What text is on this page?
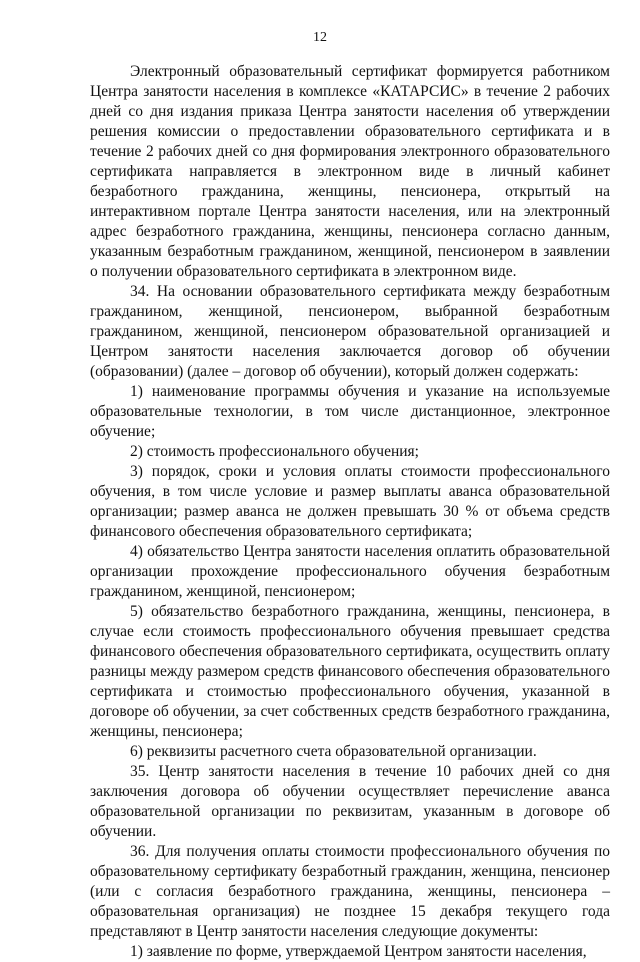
12

Электронный образовательный сертификат формируется работником Центра занятости населения в комплексе «КАТАРСИС» в течение 2 рабочих дней со дня издания приказа Центра занятости населения об утверждении решения комиссии о предоставлении образовательного сертификата и в течение 2 рабочих дней со дня формирования электронного образовательного сертификата направляется в электронном виде в личный кабинет безработного гражданина, женщины, пенсионера, открытый на интерактивном портале Центра занятости населения, или на электронный адрес безработного гражданина, женщины, пенсионера согласно данным, указанным безработным гражданином, женщиной, пенсионером в заявлении о получении образовательного сертификата в электронном виде.

34. На основании образовательного сертификата между безработным гражданином, женщиной, пенсионером, выбранной безработным гражданином, женщиной, пенсионером образовательной организацией и Центром занятости населения заключается договор об обучении (образовании) (далее – договор об обучении), который должен содержать:

1) наименование программы обучения и указание на используемые образовательные технологии, в том числе дистанционное, электронное обучение;

2) стоимость профессионального обучения;

3) порядок, сроки и условия оплаты стоимости профессионального обучения, в том числе условие и размер выплаты аванса образовательной организации; размер аванса не должен превышать 30 % от объема средств финансового обеспечения образовательного сертификата;

4) обязательство Центра занятости населения оплатить образовательной организации прохождение профессионального обучения безработным гражданином, женщиной, пенсионером;

5) обязательство безработного гражданина, женщины, пенсионера, в случае если стоимость профессионального обучения превышает средства финансового обеспечения образовательного сертификата, осуществить оплату разницы между размером средств финансового обеспечения образовательного сертификата и стоимостью профессионального обучения, указанной в договоре об обучении, за счет собственных средств безработного гражданина, женщины, пенсионера;

6) реквизиты расчетного счета образовательной организации.

35. Центр занятости населения в течение 10 рабочих дней со дня заключения договора об обучении осуществляет перечисление аванса образовательной организации по реквизитам, указанным в договоре об обучении.

36. Для получения оплаты стоимости профессионального обучения по образовательному сертификату безработный гражданин, женщина, пенсионер (или с согласия безработного гражданина, женщины, пенсионера – образовательная организация) не позднее 15 декабря текущего года представляют в Центр занятости населения следующие документы:

1) заявление по форме, утверждаемой Центром занятости населения,
